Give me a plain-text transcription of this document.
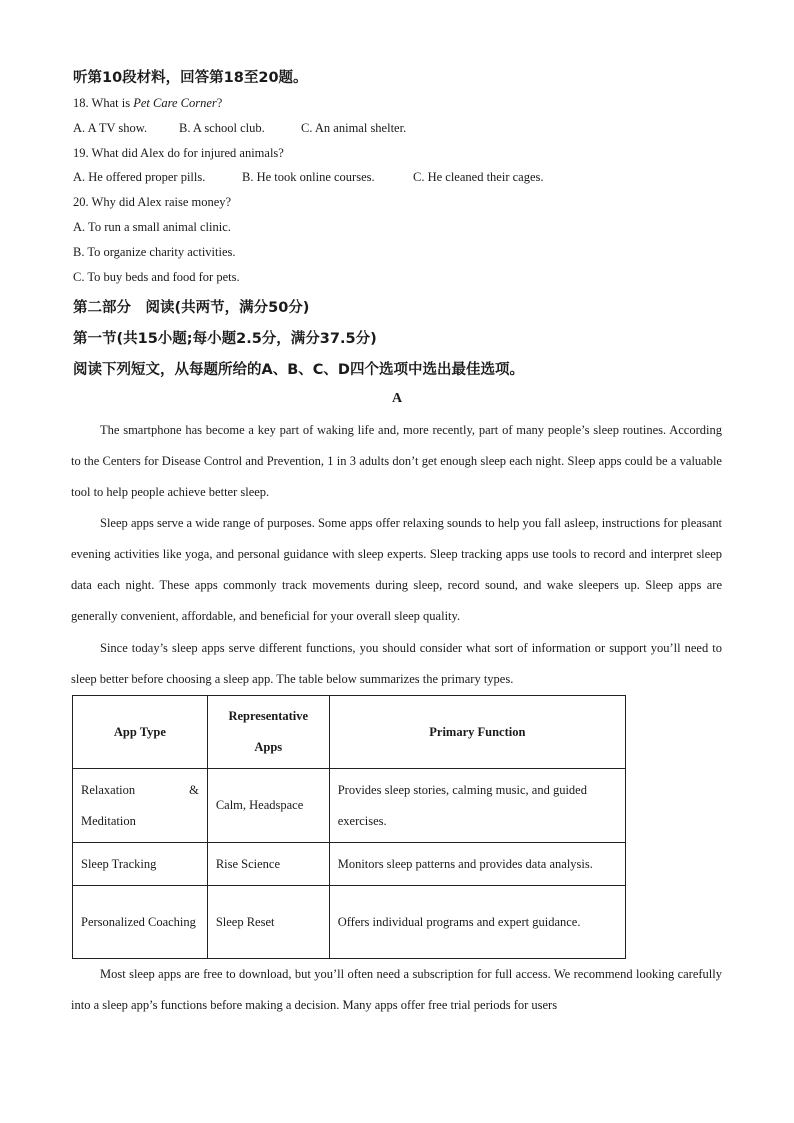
听第10段材料，回答第18至20题。
18. What is Pet Care Corner?
A. A TV show.	B. A school club.	C. An animal shelter.
19. What did Alex do for injured animals?
A. He offered proper pills.	B. He took online courses.	C. He cleaned their cages.
20. Why did Alex raise money?
A. To run a small animal clinic.
B. To organize charity activities.
C. To buy beds and food for pets.
第二部分　阅读(共两节，满分50分)
第一节(共15小题;每小题2.5分，满分37.5分)
阅读下列短文，从每题所给的A、B、C、D四个选项中选出最佳选项。
A

The smartphone has become a key part of waking life and, more recently, part of many people’s sleep routines. According to the Centers for Disease Control and Prevention, 1 in 3 adults don’t get enough sleep each night. Sleep apps could be a valuable tool to help people achieve better sleep.

Sleep apps serve a wide range of purposes. Some apps offer relaxing sounds to help you fall asleep, instructions for pleasant evening activities like yoga, and personal guidance with sleep experts. Sleep tracking apps use tools to record and interpret sleep data each night. These apps commonly track movements during sleep, record sound, and wake sleepers up. Sleep apps are generally convenient, affordable, and beneficial for your overall sleep quality.

Since today’s sleep apps serve different functions, you should consider what sort of information or support you’ll need to sleep better before choosing a sleep app. The table below summarizes the primary types.

App Type	Representative Apps	Primary Function

Relaxation &
Meditation	Calm, Headspace	Provides sleep stories, calming music, and guided exercises.
Sleep Tracking	Rise Science	Monitors sleep patterns and provides data analysis.
Personalized Coaching	Sleep Reset	Offers individual programs and expert guidance.

Most sleep apps are free to download, but you’ll often need a subscription for full access. We recommend looking carefully into a sleep app’s functions before making a decision. Many apps offer free trial periods for users
